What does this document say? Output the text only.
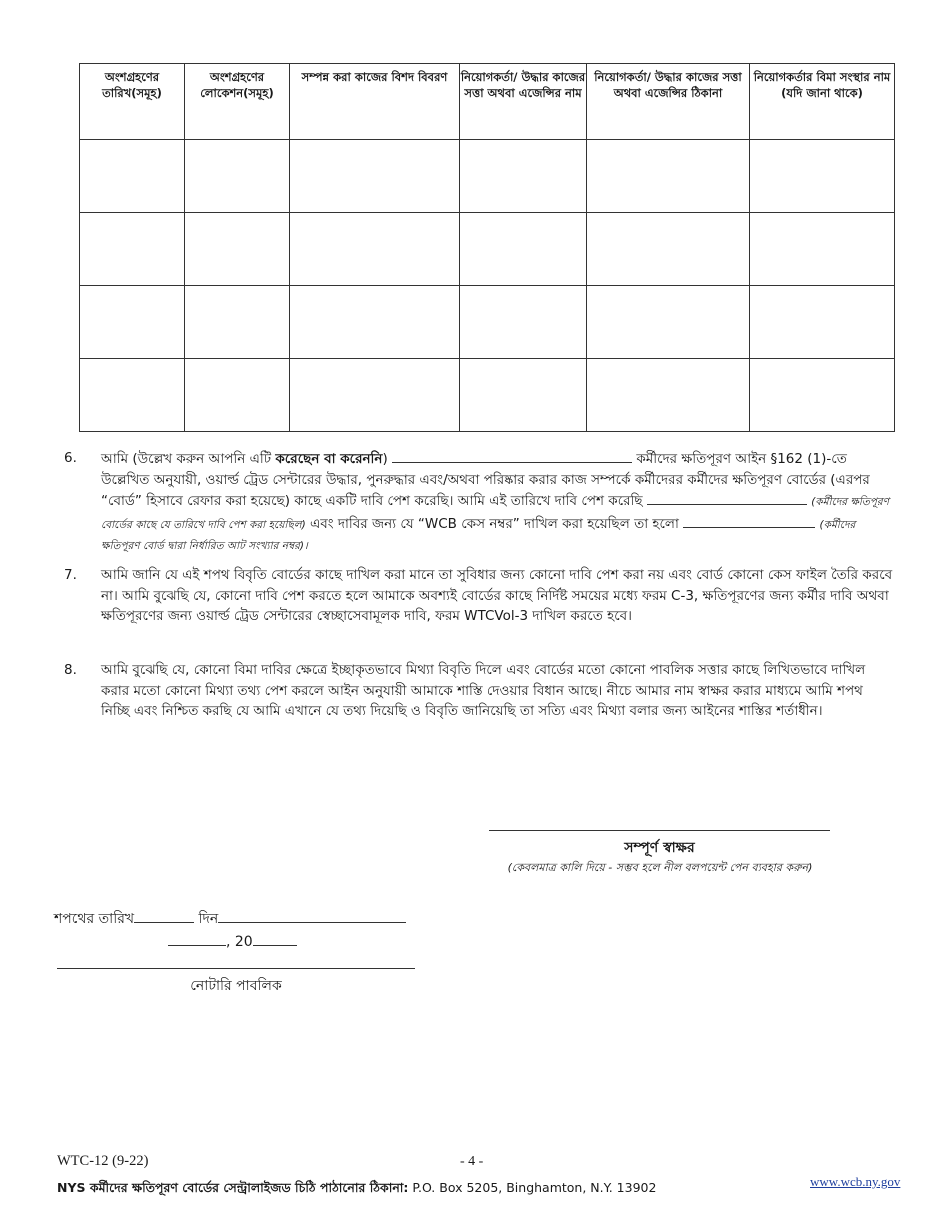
অংশগ্রহণের তারিখ(সমূহ)	অংশগ্রহণের লোকেশন(সমূহ)	সম্পন্ন করা কাজের বিশদ বিবরণ	নিয়োগকর্তা/ উদ্ধার কাজের সত্তা অথবা এজেন্সির নাম	নিয়োগকর্তা/ উদ্ধার কাজের সত্তা অথবা এজেন্সির ঠিকানা	নিয়োগকর্তার বিমা সংস্থার নাম (যদি জানা থাকে)

6. আমি (উল্লেখ করুন আপনি এটি করেছেন বা করেননি)	কর্মীদের ক্ষতিপূরণ আইন §162 (1)-তে উল্লেখিত অনুযায়ী, ওয়ার্ল্ড ট্রেড সেন্টারের উদ্ধার, পুনরুদ্ধার এবং/অথবা পরিষ্কার করার কাজ সম্পর্কে কর্মীদেরর কর্মীদের ক্ষতিপূরণ বোর্ডের (এরপর “বোর্ড” হিসাবে রেফার করা হয়েছে) কাছে একটি দাবি পেশ করেছি। আমি এই তারিখে দাবি পেশ করেছি	(কর্মীদের ক্ষতিপূরণ বোর্ডের কাছে যে তারিখে দাবি পেশ করা হয়েছিল) এবং দাবির জন্য যে “WCB কেস নম্বর” দাখিল করা হয়েছিল তা হলো	(কর্মীদের ক্ষতিপূরণ বোর্ড দ্বারা নির্ধারিত আট সংখ্যার নম্বর)।
7. আমি জানি যে এই শপথ বিবৃতি বোর্ডের কাছে দাখিল করা মানে তা সুবিধার জন্য কোনো দাবি পেশ করা নয় এবং বোর্ড কোনো কেস ফাইল তৈরি করবে না। আমি বুঝেছি যে, কোনো দাবি পেশ করতে হলে আমাকে অবশ্যই বোর্ডের কাছে নির্দিষ্ট সময়ের মধ্যে ফরম C-3, ক্ষতিপূরণের জন্য কর্মীর দাবি অথবা ক্ষতিপূরণের জন্য ওয়ার্ল্ড ট্রেড সেন্টারের স্বেচ্ছাসেবামূলক দাবি, ফরম WTCVol-3 দাখিল করতে হবে।
8. আমি বুঝেছি যে, কোনো বিমা দাবির ক্ষেত্রে ইচ্ছাকৃতভাবে মিথ্যা বিবৃতি দিলে এবং বোর্ডের মতো কোনো পাবলিক সত্তার কাছে লিখিতভাবে দাখিল করার মতো কোনো মিথ্যা তথ্য পেশ করলে আইন অনুযায়ী আমাকে শাস্তি দেওয়ার বিধান আছে। নীচে আমার নাম স্বাক্ষর করার মাধ্যমে আমি শপথ নিচ্ছি এবং নিশ্চিত করছি যে আমি এখানে যে তথ্য দিয়েছি ও বিবৃতি জানিয়েছি তা সত্যি এবং মিথ্যা বলার জন্য আইনের শাস্তির শর্তাধীন।
সম্পূর্ণ স্বাক্ষর
(কেবলমাত্র কালি দিয়ে - সম্ভব হলে নীল বলপয়েন্ট পেন ব্যবহার করুন)
শপথের তারিখ	দিন
, 20
নোটারি পাবলিক
WTC-12 (9-22)	- 4 -
NYS কর্মীদের ক্ষতিপূরণ বোর্ডের সেন্ট্রালাইজড চিঠি পাঠানোর ঠিকানা: P.O. Box 5205, Binghamton, N.Y. 13902	www.wcb.ny.gov
